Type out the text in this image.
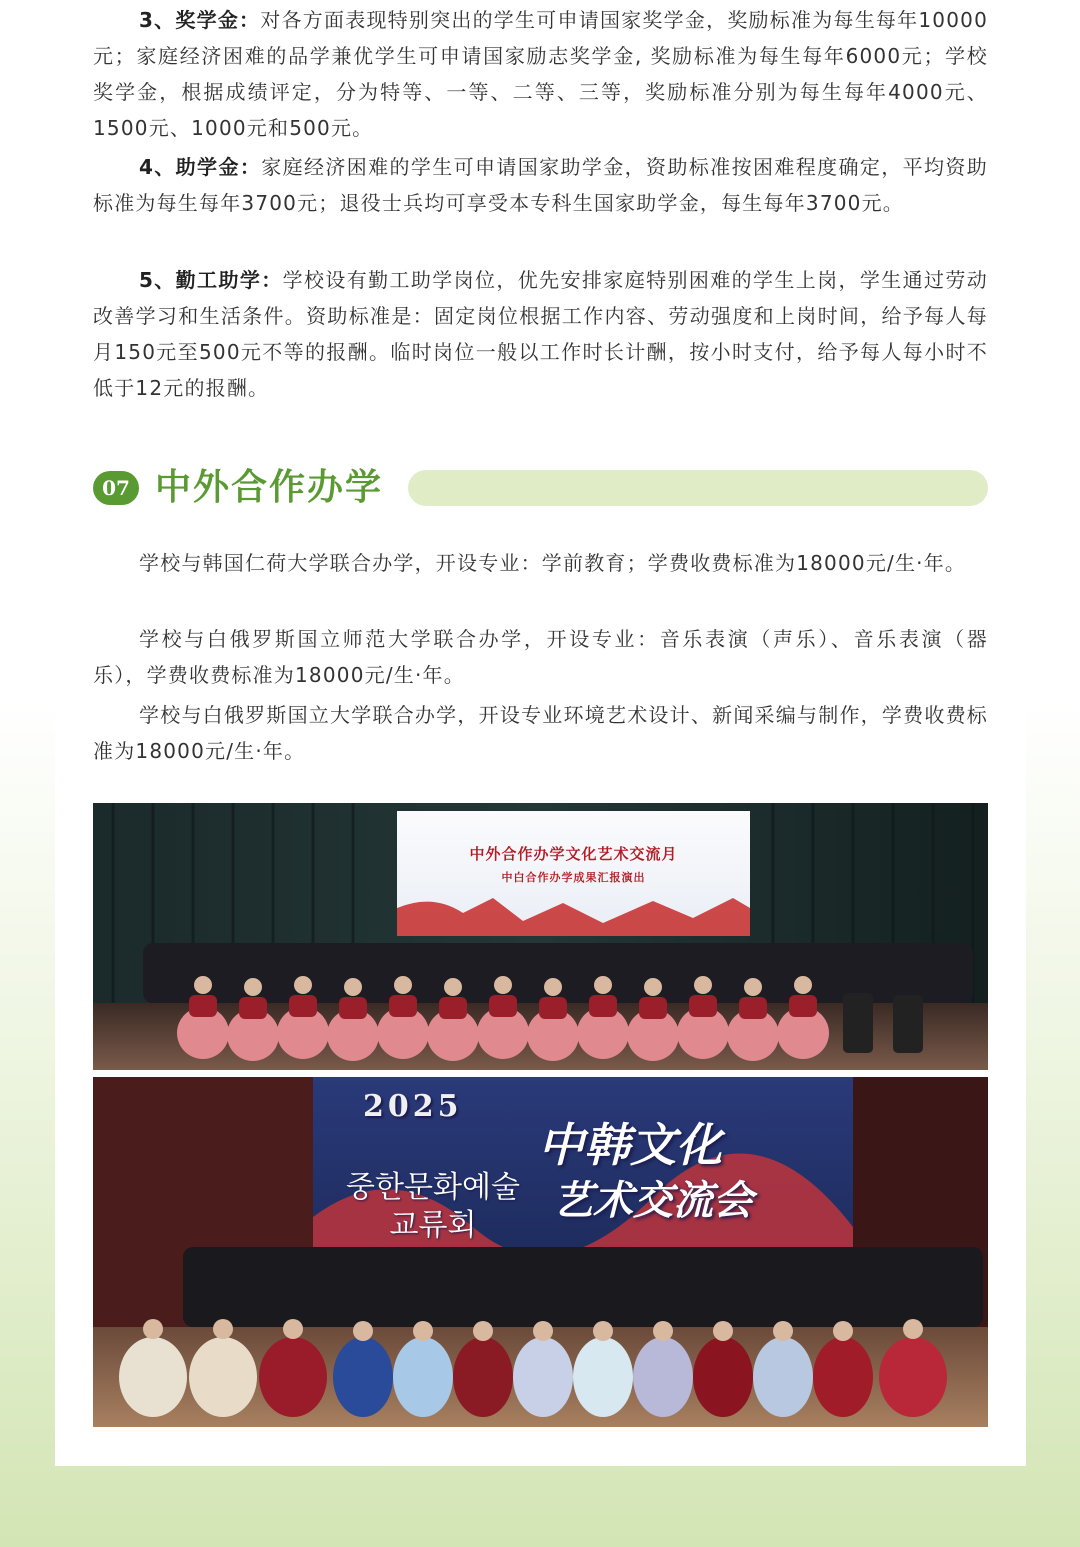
3、奖学金：对各方面表现特别突出的学生可申请国家奖学金，奖励标准为每生每年10000元；家庭经济困难的品学兼优学生可申请国家励志奖学金, 奖励标准为每生每年6000元；学校奖学金，根据成绩评定，分为特等、一等、二等、三等，奖励标准分别为每生每年4000元、1500元、1000元和500元。

4、助学金：家庭经济困难的学生可申请国家助学金，资助标准按困难程度确定，平均资助标准为每生每年3700元；退役士兵均可享受本专科生国家助学金，每生每年3700元。

5、勤工助学：学校设有勤工助学岗位，优先安排家庭特别困难的学生上岗，学生通过劳动改善学习和生活条件。资助标准是：固定岗位根据工作内容、劳动强度和上岗时间，给予每人每月150元至500元不等的报酬。临时岗位一般以工作时长计酬，按小时支付，给予每人每小时不低于12元的报酬。

07 中外合作办学

学校与韩国仁荷大学联合办学，开设专业：学前教育；学费收费标准为18000元/生·年。

学校与白俄罗斯国立师范大学联合办学，开设专业：音乐表演（声乐）、音乐表演（器乐），学费收费标准为18000元/生·年。

学校与白俄罗斯国立大学联合办学，开设专业环境艺术设计、新闻采编与制作，学费收费标准为18000元/生·年。

中外合作办学文化艺术交流月
中白合作办学成果汇报演出
2025
중한문화예술
교류회
中韩文化
艺术交流会
